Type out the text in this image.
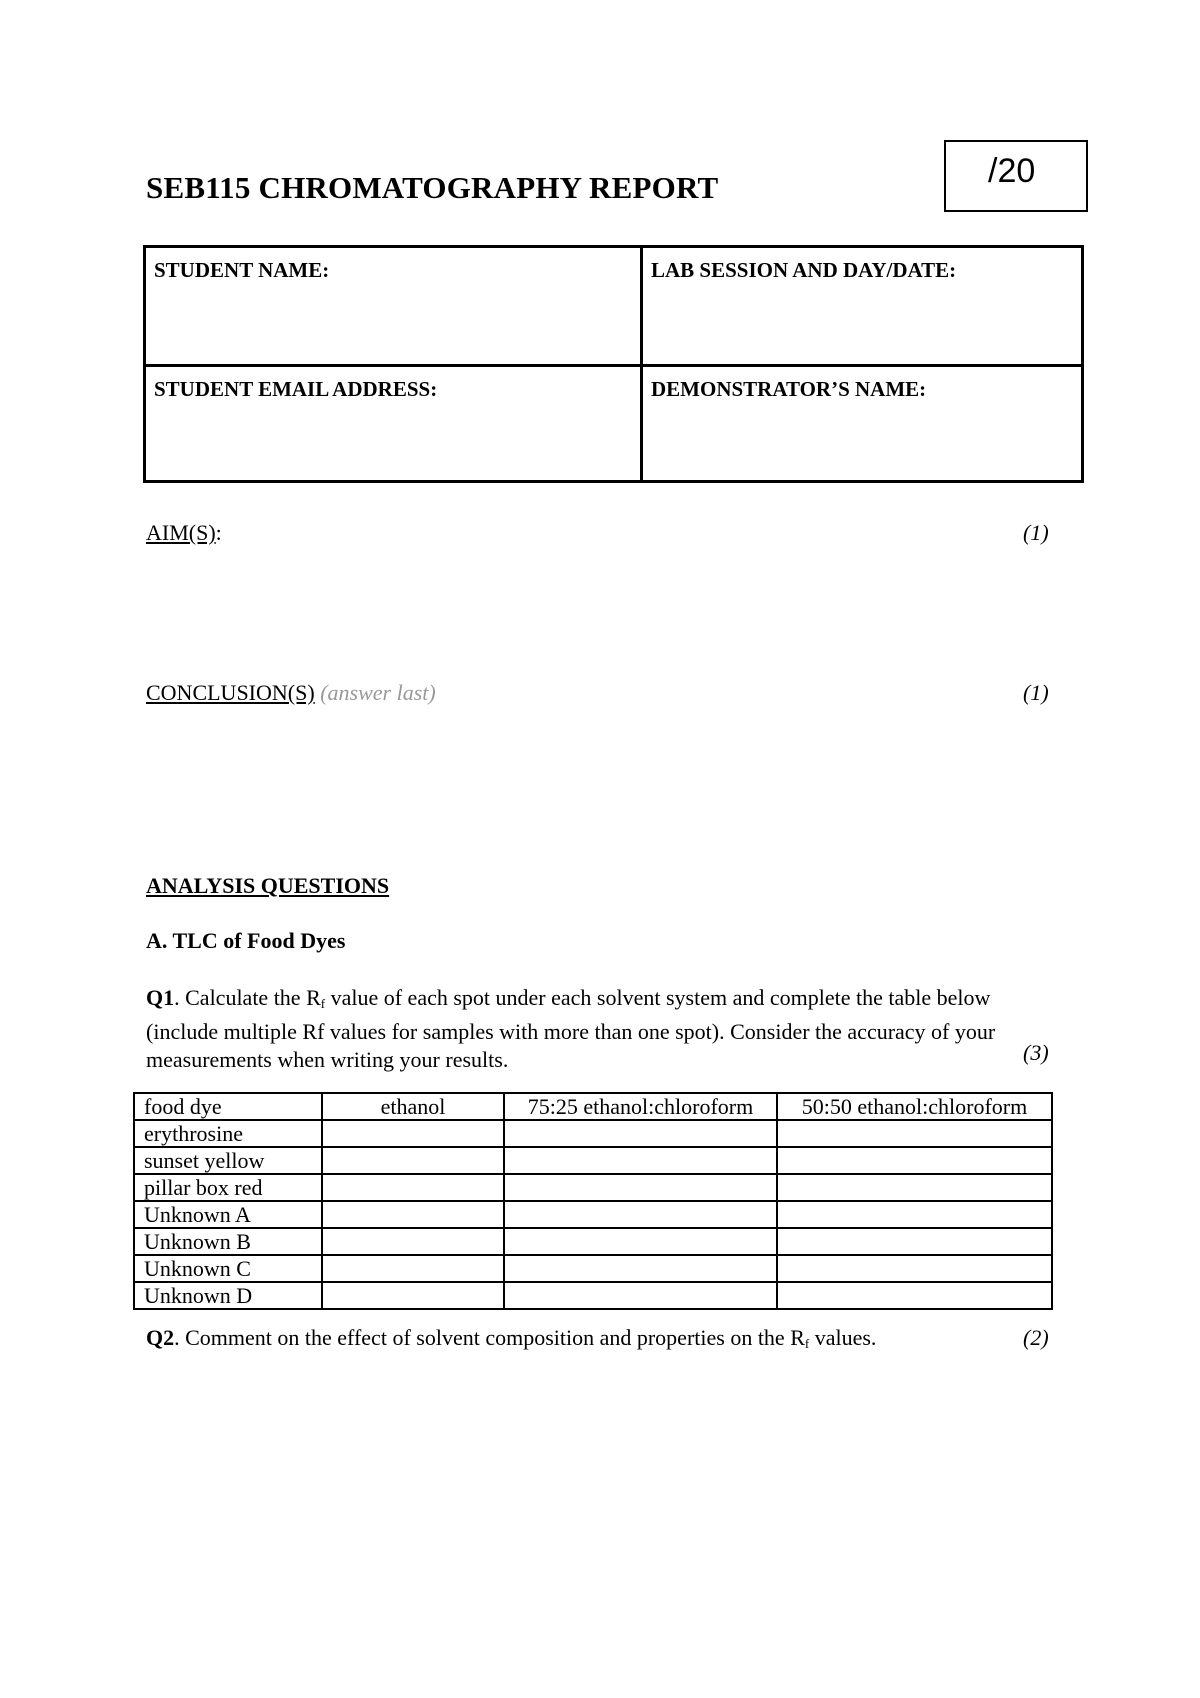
SEB115 CHROMATOGRAPHY REPORT	/20
STUDENT NAME:	LAB SESSION AND DAY/DATE:
STUDENT EMAIL ADDRESS:	DEMONSTRATOR’S NAME:
AIM(S):	(1)
CONCLUSION(S) (answer last)	(1)
ANALYSIS QUESTIONS
A. TLC of Food Dyes
Q1. Calculate the $R_f$ value of each spot under each solvent system and complete the table below (include multiple Rf values for samples with more than one spot). Consider the accuracy of your measurements when writing your results.	(3)
food dye	ethanol	75:25 ethanol:chloroform	50:50 ethanol:chloroform
erythrosine			
sunset yellow			
pillar box red			
Unknown A			
Unknown B			
Unknown C			
Unknown D			
Q2. Comment on the effect of solvent composition and properties on the $R_f$ values.	(2)
